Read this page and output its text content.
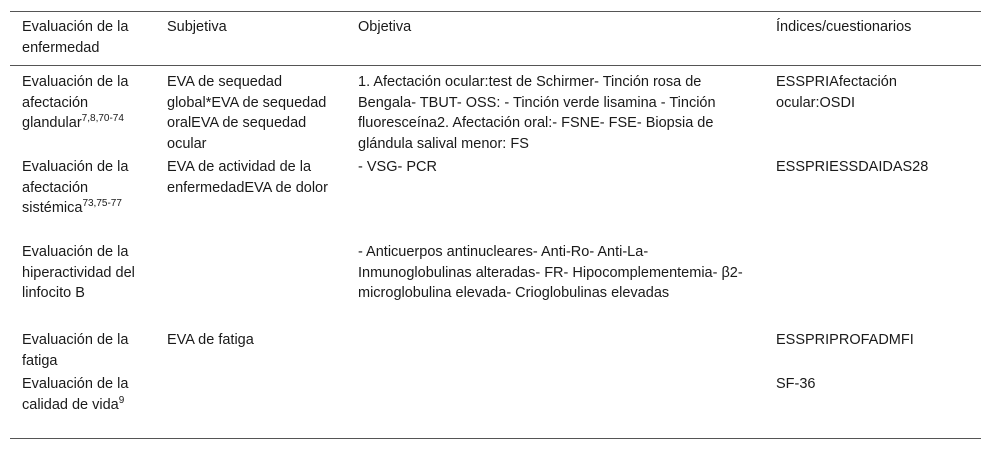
Evaluación de la enfermedad	Subjetiva	Objetiva	Índices/cuestionarios
Evaluación de la afectación glandular$^{7,8,70-74}$	EVA de sequedad global*EVA de sequedad oralEVA de sequedad ocular	1. Afectación ocular:test de Schirmer- Tinción rosa de Bengala- TBUT- OSS: - Tinción verde lisamina - Tinción fluoresceína2. Afectación oral:- FSNE- FSE- Biopsia de glándula salival menor: FS	ESSPRIAfectación ocular:OSDI
Evaluación de la afectación sistémica$^{73,75-77}$	EVA de actividad de la enfermedadEVA de dolor	- VSG- PCR	ESSPRIESSDAIDAS28
Evaluación de la hiperactividad del linfocito B		- Anticuerpos antinucleares- Anti-Ro- Anti-La- Inmunoglobulinas alteradas- FR- Hipocomplementemia- β2-microglobulina elevada- Crioglobulinas elevadas	
Evaluación de la fatiga	EVA de fatiga		ESSPRIPROFADMFI
Evaluación de la calidad de vida$^9$			SF-36
